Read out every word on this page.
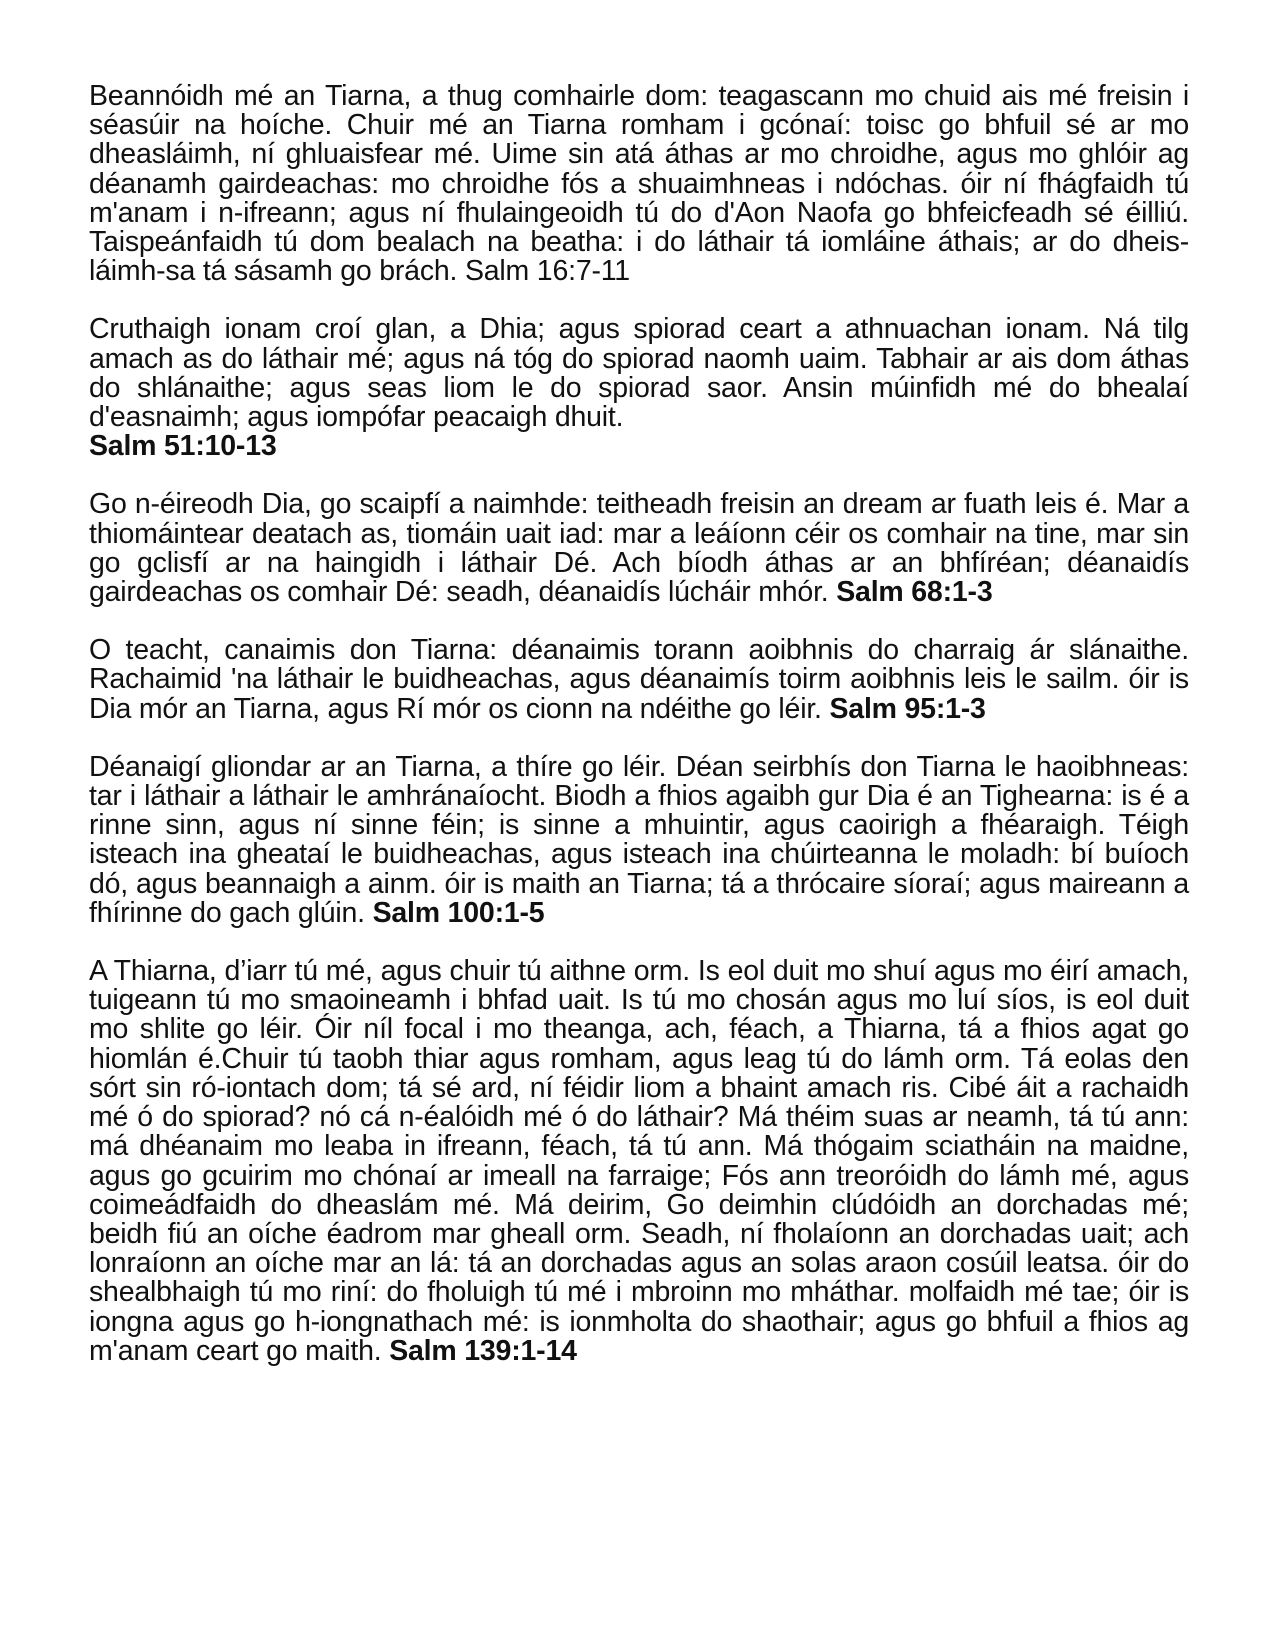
Beannóidh mé an Tiarna, a thug comhairle dom: teagascann mo chuid ais mé freisin i séasúir na hoíche. Chuir mé an Tiarna romham i gcónaí: toisc go bhfuil sé ar mo dheasláimh, ní ghluaisfear mé. Uime sin atá áthas ar mo chroidhe, agus mo ghlóir ag déanamh gairdeachas: mo chroidhe fós a shuaimhneas i ndóchas. óir ní fhágfaidh tú m'anam i n-ifreann; agus ní fhulaingeoidh tú do d'Aon Naofa go bhfeicfeadh sé éilliú. Taispeánfaidh tú dom bealach na beatha: i do láthair tá iomláine áthais; ar do dheis-láimh-sa tá sásamh go brách. Salm 16:7-11

Cruthaigh ionam croí glan, a Dhia; agus spiorad ceart a athnuachan ionam. Ná tilg amach as do láthair mé; agus ná tóg do spiorad naomh uaim. Tabhair ar ais dom áthas do shlánaithe; agus seas liom le do spiorad saor. Ansin múinfidh mé do bhealaí d'easnaimh; agus iompófar peacaigh dhuit.
Salm 51:10-13

Go n-éireodh Dia, go scaipfí a naimhde: teitheadh freisin an dream ar fuath leis é. Mar a thiomáintear deatach as, tiomáin uait iad: mar a leáíonn céir os comhair na tine, mar sin go gclisfí ar na haingidh i láthair Dé. Ach bíodh áthas ar an bhfíréan; déanaidís gairdeachas os comhair Dé: seadh, déanaidís lúcháir mhór. Salm 68:1-3

O teacht, canaimis don Tiarna: déanaimis torann aoibhnis do charraig ár slánaithe. Rachaimid 'na láthair le buidheachas, agus déanaimís toirm aoibhnis leis le sailm. óir is Dia mór an Tiarna, agus Rí mór os cionn na ndéithe go léir. Salm 95:1-3

Déanaigí gliondar ar an Tiarna, a thíre go léir. Déan seirbhís don Tiarna le haoibhneas: tar i láthair a láthair le amhránaíocht. Biodh a fhios agaibh gur Dia é an Tighearna: is é a rinne sinn, agus ní sinne féin; is sinne a mhuintir, agus caoirigh a fhéaraigh. Téigh isteach ina gheataí le buidheachas, agus isteach ina chúirteanna le moladh: bí buíoch dó, agus beannaigh a ainm. óir is maith an Tiarna; tá a thrócaire síoraí; agus maireann a fhírinne do gach glúin. Salm 100:1-5

A Thiarna, d’iarr tú mé, agus chuir tú aithne orm. Is eol duit mo shuí agus mo éirí amach, tuigeann tú mo smaoineamh i bhfad uait. Is tú mo chosán agus mo luí síos, is eol duit mo shlite go léir. Óir níl focal i mo theanga, ach, féach, a Thiarna, tá a fhios agat go hiomlán é.Chuir tú taobh thiar agus romham, agus leag tú do lámh orm. Tá eolas den sórt sin ró-iontach dom; tá sé ard, ní féidir liom a bhaint amach ris. Cibé áit a rachaidh mé ó do spiorad? nó cá n-éalóidh mé ó do láthair? Má théim suas ar neamh, tá tú ann: má dhéanaim mo leaba in ifreann, féach, tá tú ann. Má thógaim sciatháin na maidne, agus go gcuirim mo chónaí ar imeall na farraige; Fós ann treoróidh do lámh mé, agus coimeádfaidh do dheaslám mé. Má deirim, Go deimhin clúdóidh an dorchadas mé; beidh fiú an oíche éadrom mar gheall orm. Seadh, ní fholaíonn an dorchadas uait; ach lonraíonn an oíche mar an lá: tá an dorchadas agus an solas araon cosúil leatsa. óir do shealbhaigh tú mo riní: do fholuigh tú mé i mbroinn mo mháthar. molfaidh mé tae; óir is iongna agus go h-iongnathach mé: is ionmholta do shaothair; agus go bhfuil a fhios ag m'anam ceart go maith. Salm 139:1-14
